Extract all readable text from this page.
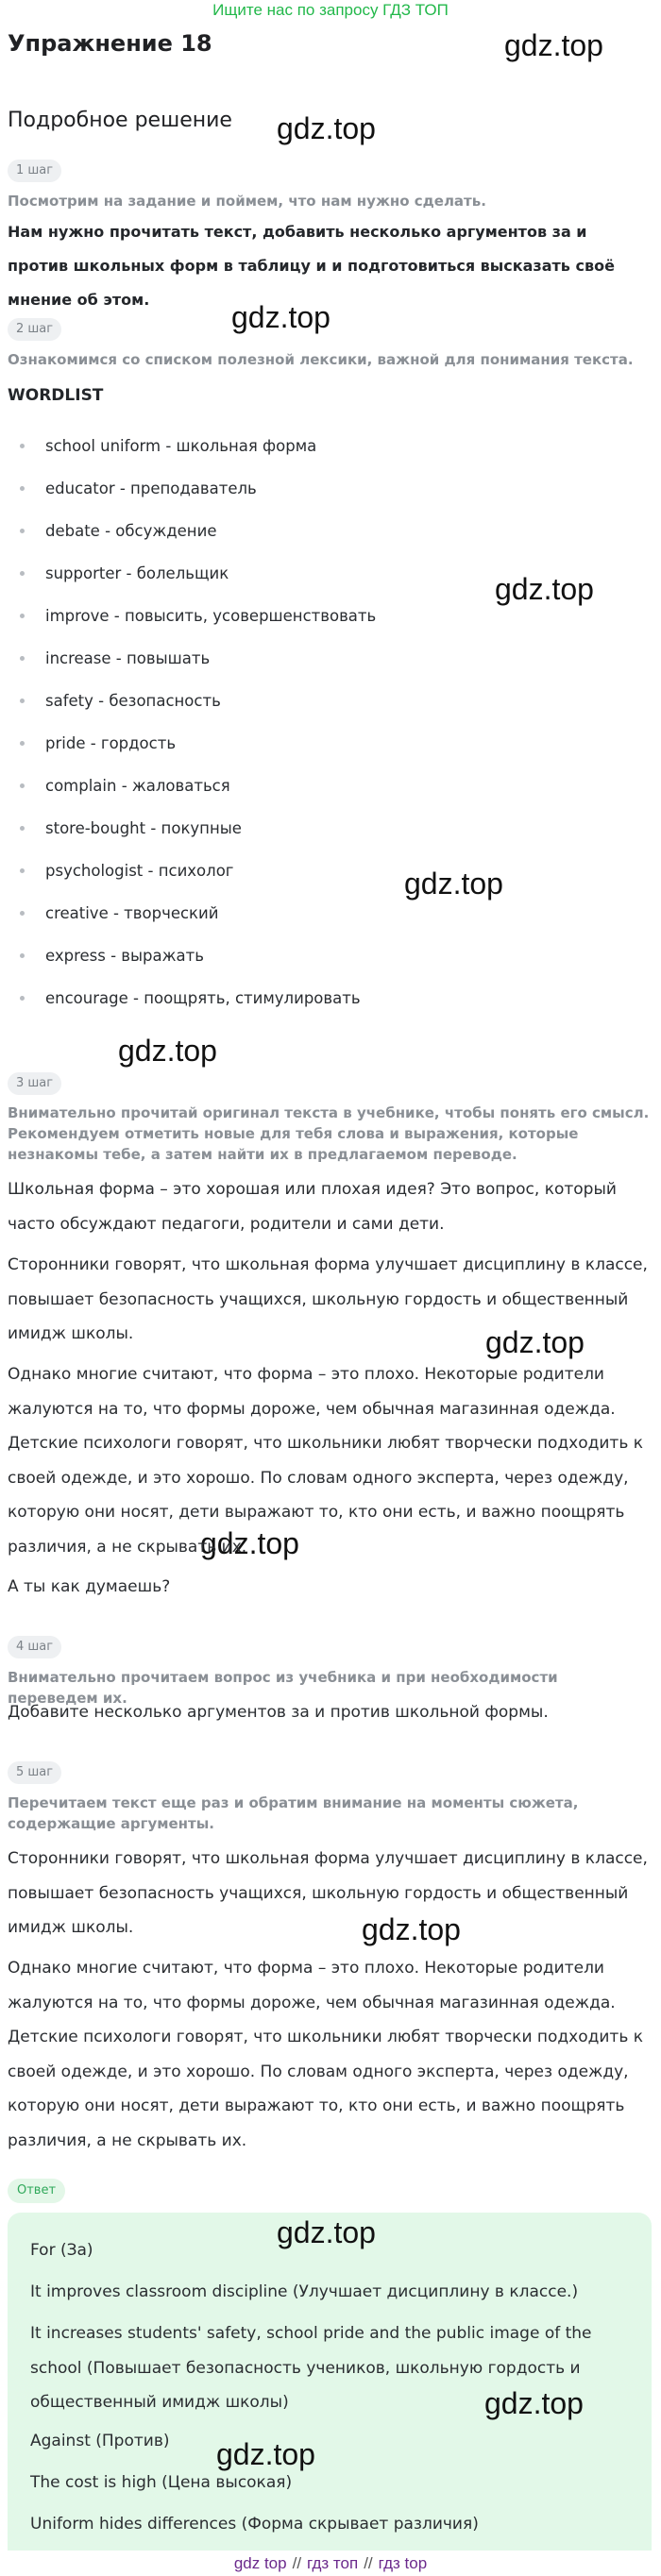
Ищите нас по запросу ГДЗ ТОП
Упражнение 18
Подробное решение
gdz.top
gdz.top
gdz.top
gdz.top
gdz.top
gdz.top
gdz.top
gdz.top
gdz.top
1 шаг
Посмотрим на задание и поймем, что нам нужно сделать.
Нам нужно прочитать текст, добавить несколько аргументов за и против школьных форм в таблицу и и подготовиться высказать своё мнение об этом.
2 шаг
Ознакомимся со списком полезной лексики, важной для понимания текста.
WORDLIST
school uniform - школьная форма
educator - преподаватель
debate - обсуждение
supporter - болельщик
improve - повысить, усовершенствовать
increase - повышать
safety - безопасность
pride - гордость
complain - жаловаться
store-bought - покупные
psychologist - психолог
creative - творческий
express - выражать
encourage - поощрять, стимулировать
3 шаг
Внимательно прочитай оригинал текста в учебнике, чтобы понять его смысл. Рекомендуем отметить новые для тебя слова и выражения, которые незнакомы тебе, а затем найти их в предлагаемом переводе.
Школьная форма – это хорошая или плохая идея? Это вопрос, который часто обсуждают педагоги, родители и сами дети.
Сторонники говорят, что школьная форма улучшает дисциплину в классе, повышает безопасность учащихся, школьную гордость и общественный имидж школы.
Однако многие считают, что форма – это плохо. Некоторые родители жалуются на то, что формы дороже, чем обычная магазинная одежда. Детские психологи говорят, что школьники любят творчески подходить к своей одежде, и это хорошо. По словам одного эксперта, через одежду, которую они носят, дети выражают то, кто они есть, и важно поощрять различия, а не скрывать их.
А ты как думаешь?
4 шаг
Внимательно прочитаем вопрос из учебника и при необходимости переведем их.
Добавите несколько аргументов за и против школьной формы.
5 шаг
Перечитаем текст еще раз и обратим внимание на моменты сюжета, содержащие аргументы.
Сторонники говорят, что школьная форма улучшает дисциплину в классе, повышает безопасность учащихся, школьную гордость и общественный имидж школы.
Однако многие считают, что форма – это плохо. Некоторые родители жалуются на то, что формы дороже, чем обычная магазинная одежда. Детские психологи говорят, что школьники любят творчески подходить к своей одежде, и это хорошо. По словам одного эксперта, через одежду, которую они носят, дети выражают то, кто они есть, и важно поощрять различия, а не скрывать их.
Ответ
For (За)
It improves classroom discipline (Улучшает дисциплину в классе.)
It increases students' safety, school pride and the public image of the school (Повышает безопасность учеников, школьную гордость и общественный имидж школы)
Against (Против)
The cost is high (Цена высокая)
Uniform hides differences (Форма скрывает различия)
gdz.top
gdz.top
gdz.top
gdz top // гдз топ // гдз top
